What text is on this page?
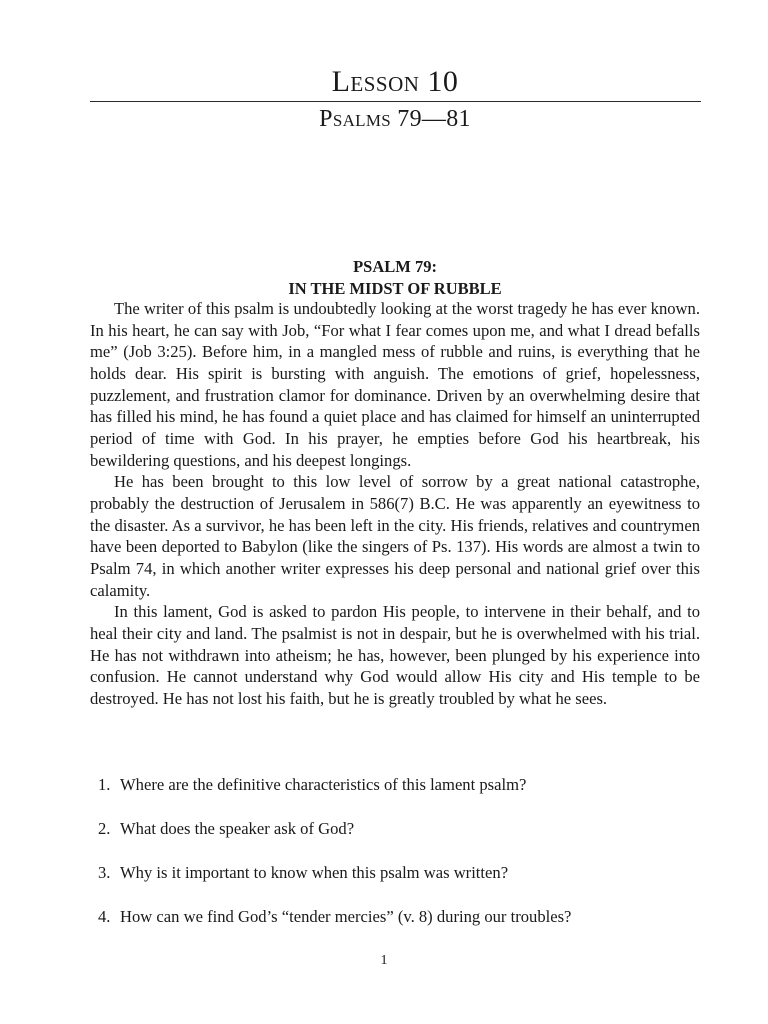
Lesson 10
Psalms 79—81
PSALM 79:
IN THE MIDST OF RUBBLE

The writer of this psalm is undoubtedly looking at the worst tragedy he has ever known. In his heart, he can say with Job, “For what I fear comes upon me, and what I dread befalls me” (Job 3:25). Before him, in a mangled mess of rubble and ruins, is everything that he holds dear. His spirit is bursting with anguish. The emotions of grief, hopelessness, puzzlement, and frustration clamor for dominance. Driven by an overwhelming desire that has filled his mind, he has found a quiet place and has claimed for himself an uninterrupted period of time with God. In his prayer, he empties before God his heartbreak, his bewildering questions, and his deepest longings.

He has been brought to this low level of sorrow by a great national catastrophe, probably the destruction of Jerusalem in 586(7) B.C. He was apparently an eyewitness to the disaster. As a survivor, he has been left in the city. His friends, relatives and countrymen have been deported to Babylon (like the singers of Ps. 137). His words are almost a twin to Psalm 74, in which another writer expresses his deep personal and national grief over this calamity.

In this lament, God is asked to pardon His people, to intervene in their behalf, and to heal their city and land. The psalmist is not in despair, but he is overwhelmed with his trial. He has not withdrawn into atheism; he has, however, been plunged by his experience into confusion. He cannot understand why God would allow His city and His temple to be destroyed. He has not lost his faith, but he is greatly troubled by what he sees.

1. Where are the definitive characteristics of this lament psalm?
2. What does the speaker ask of God?
3. Why is it important to know when this psalm was written?
4. How can we find God’s “tender mercies” (v. 8) during our troubles?
1
